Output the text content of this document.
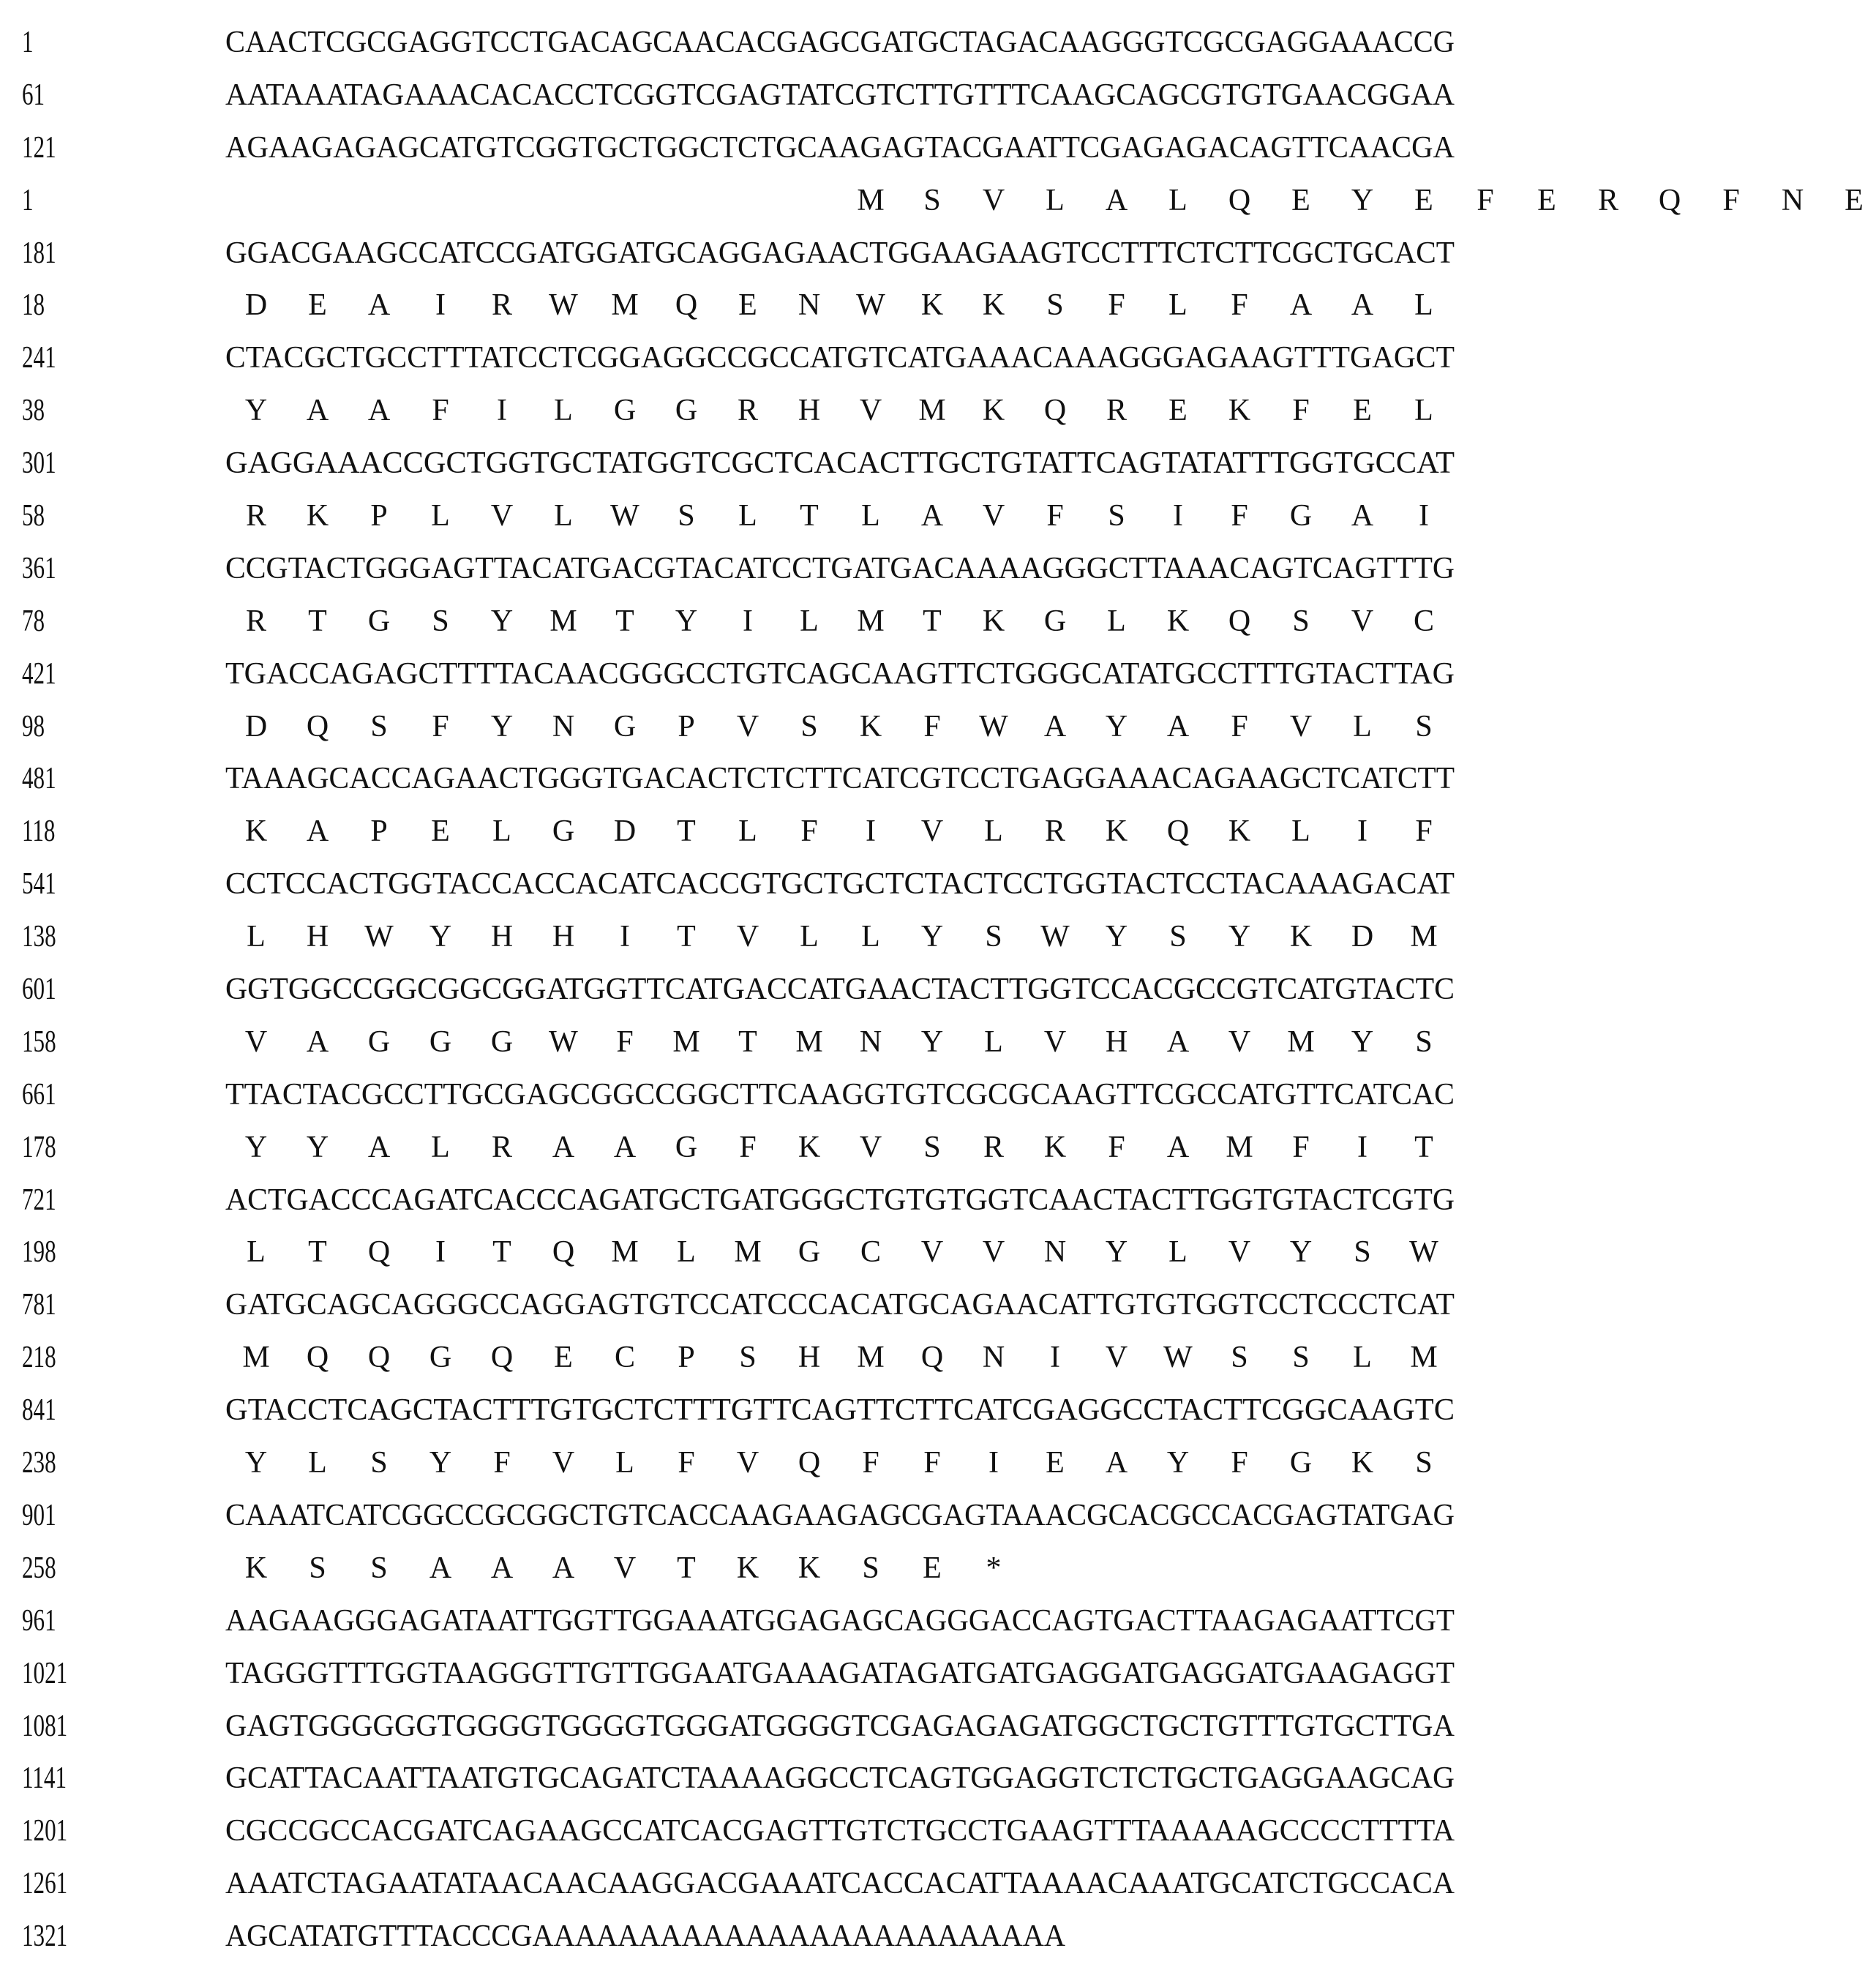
1	CAACTCGCGAGGTCCTGACAGCAACACGAGCGATGCTAGACAAGGGTCGCGAGGAAACCG
61	AATAAATAGAAACACACCTCGGTCGAGTATCGTCTTGTTTCAAGCAGCGTGTGAACGGAA
121	AGAAGAGAGCATGTCGGTGCTGGCTCTGCAAGAGTACGAATTCGAGAGACAGTTCAACGA
1	M	S	V	L	A	L	Q	E	Y	E	F	E	R	Q	F	N	E
181	GGACGAAGCCATCCGATGGATGCAGGAGAACTGGAAGAAGTCCTTTCTCTTCGCTGCACT
18	D	E	A	I	R	W M	Q	E	N	W	K	K	S	F	L	F	A	A	L
241	CTACGCTGCCTTTATCCTCGGAGGCCGCCATGTCATGAAACAAAGGGAGAAGTTTGAGCT
38	Y	A	A	F	I	L	G	G	R	H	V	M	K	Q	R	E	K	F	E	L
301	GAGGAAACCGCTGGTGCTATGGTCGCTCACACTTGCTGTATTCAGTATATTTGGTGCCAT
58	R	K	P	L	V	L	W	S	L	T	L	A	V	F	S	I	F	G	A	I
361	CCGTACTGGGAGTTACATGACGTACATCCTGATGACAAAAGGGCTTAAACAGTCAGTTTG
78	R	T	G	S	Y	M	T	Y	I	L	M	T	K	G	L	K	Q	S	V	C
421	TGACCAGAGCTTTTACAACGGGCCTGTCAGCAAGTTCTGGGCATATGCCTTTGTACTTAG
98	D	Q	S	F	Y	N	G	P	V	S	K	F	W	A	Y	A	F	V	L	S
481	TAAAGCACCAGAACTGGGTGACACTCTCTTCATCGTCCTGAGGAAACAGAAGCTCATCTT
118	K	A	P	E	L	G	D	T	L	F	I	V	L	R	K	Q	K	L	I	F
541	CCTCCACTGGTACCACCACATCACCGTGCTGCTCTACTCCTGGTACTCCTACAAAGACAT
138	L	H	W	Y	H	H	I	T	V	L	L	Y	S	W	Y	S	Y	K	D	M
601	GGTGGCCGGCGGCGGATGGTTCATGACCATGAACTACTTGGTCCACGCCGTCATGTACTC
158	V	A	G	G	G	W	F	M	T	M	N	Y	L	V	H	A	V	M	Y	S
661	TTACTACGCCTTGCGAGCGGCCGGCTTCAAGGTGTCGCGCAAGTTCGCCATGTTCATCAC
178	Y	Y	A	L	R	A	A	G	F	K	V	S	R	K	F	A	M	F	I	T
721	ACTGACCCAGATCACCCAGATGCTGATGGGCTGTGTGGTCAACTACTTGGTGTACTCGTG
198	L	T	Q	I	T	Q	M	L	M	G	C	V	V	N	Y	L	V	Y	S	W
781	GATGCAGCAGGGCCAGGAGTGTCCATCCCACATGCAGAACATTGTGTGGTCCTCCCTCAT
218	M	Q	Q	G	Q	E	C	P	S	H	M	Q	N	I	V	W	S	S	L	M
841	GTACCTCAGCTACTTTGTGCTCTTTGTTCAGTTCTTCATCGAGGCCTACTTCGGCAAGTC
238	Y	L	S	Y	F	V	L	F	V	Q	F	F	I	E	A	Y	F	G	K	S
901	CAAATCATCGGCCGCGGCTGTCACCAAGAAGAGCGAGTAAACGCACGCCACGAGTATGAG
258	K	S	S	A	A	A	V	T	K	K	S	E	*
961	AAGAAGGGAGATAATTGGTTGGAAATGGAGAGCAGGGACCAGTGACTTAAGAGAATTCGT
1021	TAGGGTTTGGTAAGGGTTGTTGGAATGAAAGATAGATGATGAGGATGAGGATGAAGAGGT
1081	GAGTGGGGGGTGGGGTGGGGTGGGATGGGGTCGAGAGAGATGGCTGCTGTTTGTGCTTGA
1141	GCATTACAATTAATGTGCAGATCTAAAAGGCCTCAGTGGAGGTCTCTGCTGAGGAAGCAG
1201	CGCCGCCACGATCAGAAGCCATCACGAGTTGTCTGCCTGAAGTTTAAAAAGCCCCTTTTA
1261	AAATCTAGAATATAACAACAAGGACGAAATCACCACATTAAAACAAATGCATCTGCCACA
1321	AGCATATGTTTACCCGAAAAAAAAAAAAAAAAAAAAAAAAA
